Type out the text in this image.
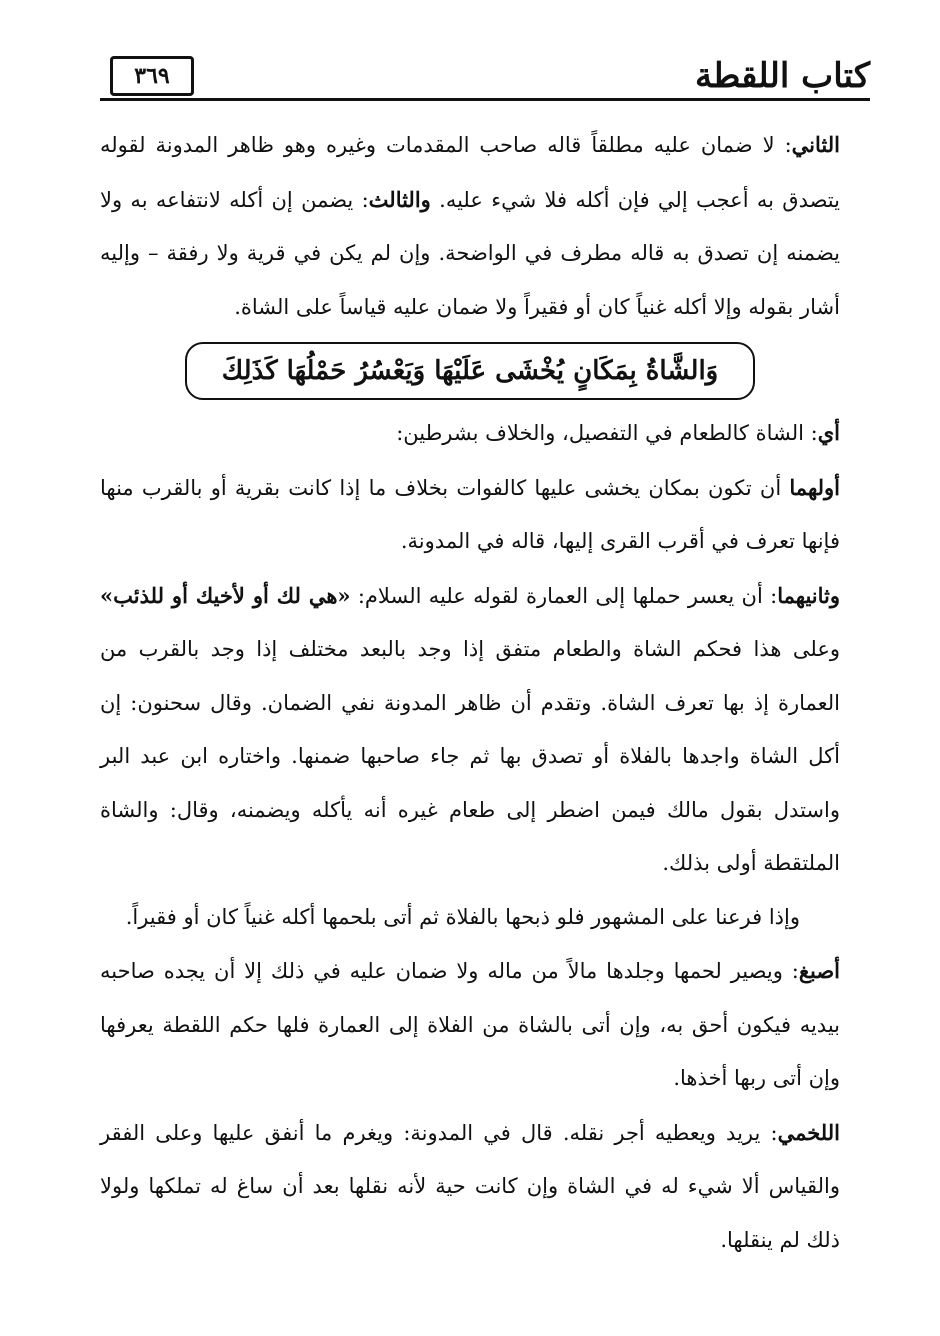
كتاب اللقطة
٣٦٩

الثاني: لا ضمان عليه مطلقاً قاله صاحب المقدمات وغيره وهو ظاهر المدونة لقوله يتصدق به أعجب إلي فإن أكله فلا شيء عليه. والثالث: يضمن إن أكله لانتفاعه به ولا يضمنه إن تصدق به قاله مطرف في الواضحة. وإن لم يكن في قرية ولا رفقة – وإليه أشار بقوله وإلا أكله غنياً كان أو فقيراً ولا ضمان عليه قياساً على الشاة.

وَالشَّاةُ بِمَكَانٍ يُخْشَى عَلَيْهَا وَيَعْسُرُ حَمْلُهَا كَذَلِكَ

أي: الشاة كالطعام في التفصيل، والخلاف بشرطين:

أولهما أن تكون بمكان يخشى عليها كالفوات بخلاف ما إذا كانت بقرية أو بالقرب منها فإنها تعرف في أقرب القرى إليها، قاله في المدونة.

وثانيهما: أن يعسر حملها إلى العمارة لقوله عليه السلام: «هي لك أو لأخيك أو للذئب» وعلى هذا فحكم الشاة والطعام متفق إذا وجد بالبعد مختلف إذا وجد بالقرب من العمارة إذ بها تعرف الشاة. وتقدم أن ظاهر المدونة نفي الضمان. وقال سحنون: إن أكل الشاة واجدها بالفلاة أو تصدق بها ثم جاء صاحبها ضمنها. واختاره ابن عبد البر واستدل بقول مالك فيمن اضطر إلى طعام غيره أنه يأكله ويضمنه، وقال: والشاة الملتقطة أولى بذلك.

وإذا فرعنا على المشهور فلو ذبحها بالفلاة ثم أتى بلحمها أكله غنياً كان أو فقيراً.

أصبغ: ويصير لحمها وجلدها مالاً من ماله ولا ضمان عليه في ذلك إلا أن يجده صاحبه بيديه فيكون أحق به، وإن أتى بالشاة من الفلاة إلى العمارة فلها حكم اللقطة يعرفها وإن أتى ربها أخذها.

اللخمي: يريد ويعطيه أجر نقله. قال في المدونة: ويغرم ما أنفق عليها وعلى الفقر والقياس ألا شيء له في الشاة وإن كانت حية لأنه نقلها بعد أن ساغ له تملكها ولولا ذلك لم ينقلها.
